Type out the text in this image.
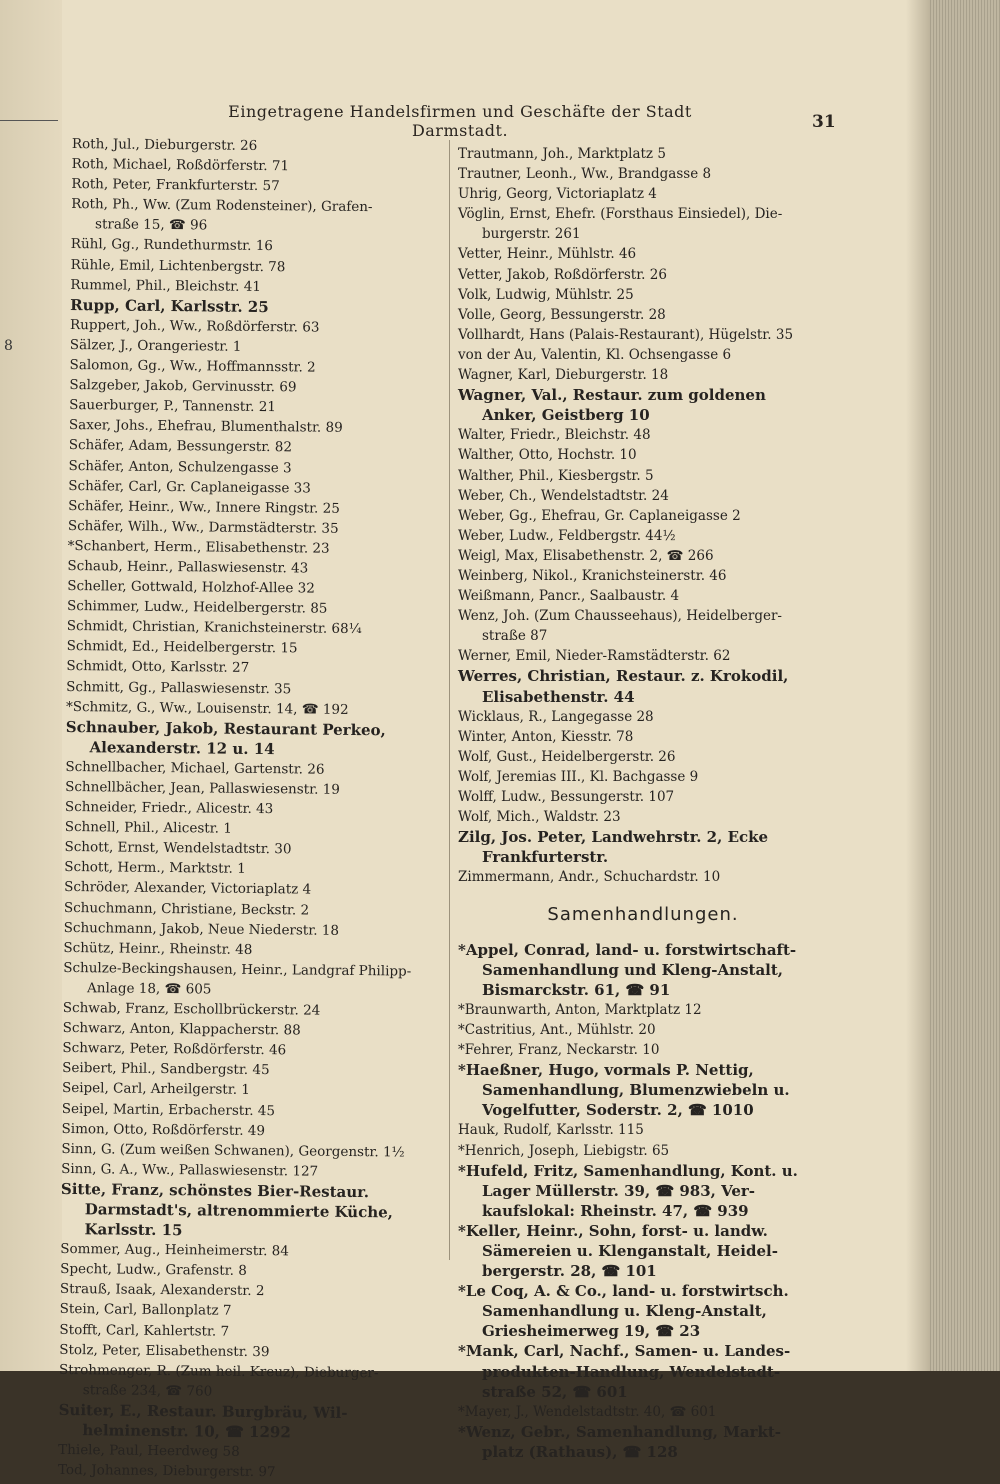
8
Eingetragene Handelsfirmen und Geschäfte der Stadt Darmstadt.	31
Roth, Jul., Dieburgerstr. 26
Roth, Michael, Roßdörferstr. 71
Roth, Peter, Frankfurterstr. 57
Roth, Ph., Ww. (Zum Rodensteiner), Grafen-
straße 15, ☎ 96
Rühl, Gg., Rundethurmstr. 16
Rühle, Emil, Lichtenbergstr. 78
Rummel, Phil., Bleichstr. 41
Rupp, Carl, Karlsstr. 25
Ruppert, Joh., Ww., Roßdörferstr. 63
Sälzer, J., Orangeriestr. 1
Salomon, Gg., Ww., Hoffmannsstr. 2
Salzgeber, Jakob, Gervinusstr. 69
Sauerburger, P., Tannenstr. 21
Saxer, Johs., Ehefrau, Blumenthalstr. 89
Schäfer, Adam, Bessungerstr. 82
Schäfer, Anton, Schulzengasse 3
Schäfer, Carl, Gr. Caplaneigasse 33
Schäfer, Heinr., Ww., Innere Ringstr. 25
Schäfer, Wilh., Ww., Darmstädterstr. 35
*Schanbert, Herm., Elisabethenstr. 23
Schaub, Heinr., Pallaswiesenstr. 43
Scheller, Gottwald, Holzhof-Allee 32
Schimmer, Ludw., Heidelbergerstr. 85
Schmidt, Christian, Kranichsteinerstr. 68¼
Schmidt, Ed., Heidelbergerstr. 15
Schmidt, Otto, Karlsstr. 27
Schmitt, Gg., Pallaswiesenstr. 35
*Schmitz, G., Ww., Louisenstr. 14, ☎ 192
Schnauber, Jakob, Restaurant Perkeo,
Alexanderstr. 12 u. 14
Schnellbacher, Michael, Gartenstr. 26
Schnellbächer, Jean, Pallaswiesenstr. 19
Schneider, Friedr., Alicestr. 43
Schnell, Phil., Alicestr. 1
Schott, Ernst, Wendelstadtstr. 30
Schott, Herm., Marktstr. 1
Schröder, Alexander, Victoriaplatz 4
Schuchmann, Christiane, Beckstr. 2
Schuchmann, Jakob, Neue Niederstr. 18
Schütz, Heinr., Rheinstr. 48
Schulze-Beckingshausen, Heinr., Landgraf Philipp-
Anlage 18, ☎ 605
Schwab, Franz, Eschollbrückerstr. 24
Schwarz, Anton, Klappacherstr. 88
Schwarz, Peter, Roßdörferstr. 46
Seibert, Phil., Sandbergstr. 45
Seipel, Carl, Arheilgerstr. 1
Seipel, Martin, Erbacherstr. 45
Simon, Otto, Roßdörferstr. 49
Sinn, G. (Zum weißen Schwanen), Georgenstr. 1½
Sinn, G. A., Ww., Pallaswiesenstr. 127
Sitte, Franz, schönstes Bier-Restaur.
Darmstadt's, altrenommierte Küche,
Karlsstr. 15
Sommer, Aug., Heinheimerstr. 84
Specht, Ludw., Grafenstr. 8
Strauß, Isaak, Alexanderstr. 2
Stein, Carl, Ballonplatz 7
Stofft, Carl, Kahlertstr. 7
Stolz, Peter, Elisabethenstr. 39
Strohmenger, R. (Zum heil. Kreuz), Dieburger-
straße 234, ☎ 760
Suiter, E., Restaur. Burgbräu, Wil-
helminenstr. 10, ☎ 1292
Thiele, Paul, Heerdweg 58
Tod, Johannes, Dieburgerstr. 97
Trautmann, Joh., Marktplatz 5
Trautner, Leonh., Ww., Brandgasse 8
Uhrig, Georg, Victoriaplatz 4
Vöglin, Ernst, Ehefr. (Forsthaus Einsiedel), Die-
burgerstr. 261
Vetter, Heinr., Mühlstr. 46
Vetter, Jakob, Roßdörferstr. 26
Volk, Ludwig, Mühlstr. 25
Volle, Georg, Bessungerstr. 28
Vollhardt, Hans (Palais-Restaurant), Hügelstr. 35
von der Au, Valentin, Kl. Ochsengasse 6
Wagner, Karl, Dieburgerstr. 18
Wagner, Val., Restaur. zum goldenen
Anker, Geistberg 10
Walter, Friedr., Bleichstr. 48
Walther, Otto, Hochstr. 10
Walther, Phil., Kiesbergstr. 5
Weber, Ch., Wendelstadtstr. 24
Weber, Gg., Ehefrau, Gr. Caplaneigasse 2
Weber, Ludw., Feldbergstr. 44½
Weigl, Max, Elisabethenstr. 2, ☎ 266
Weinberg, Nikol., Kranichsteinerstr. 46
Weißmann, Pancr., Saalbaustr. 4
Wenz, Joh. (Zum Chausseehaus), Heidelberger-
straße 87
Werner, Emil, Nieder-Ramstädterstr. 62
Werres, Christian, Restaur. z. Krokodil,
Elisabethenstr. 44
Wicklaus, R., Langegasse 28
Winter, Anton, Kiesstr. 78
Wolf, Gust., Heidelbergerstr. 26
Wolf, Jeremias III., Kl. Bachgasse 9
Wolff, Ludw., Bessungerstr. 107
Wolf, Mich., Waldstr. 23
Zilg, Jos. Peter, Landwehrstr. 2, Ecke
Frankfurterstr.
Zimmermann, Andr., Schuchardstr. 10
Samenhandlungen.
*Appel, Conrad, land- u. forstwirtschaft-
Samenhandlung und Kleng-Anstalt,
Bismarckstr. 61, ☎ 91
*Braunwarth, Anton, Marktplatz 12
*Castritius, Ant., Mühlstr. 20
*Fehrer, Franz, Neckarstr. 10
*Haeßner, Hugo, vormals P. Nettig,
Samenhandlung, Blumenzwiebeln u.
Vogelfutter, Soderstr. 2, ☎ 1010
Hauk, Rudolf, Karlsstr. 115
*Henrich, Joseph, Liebigstr. 65
*Hufeld, Fritz, Samenhandlung, Kont. u.
Lager Müllerstr. 39, ☎ 983, Ver-
kaufslokal: Rheinstr. 47, ☎ 939
*Keller, Heinr., Sohn, forst- u. landw.
Sämereien u. Klenganstalt, Heidel-
bergerstr. 28, ☎ 101
*Le Coq, A. & Co., land- u. forstwirtsch.
Samenhandlung u. Kleng-Anstalt,
Griesheimerweg 19, ☎ 23
*Mank, Carl, Nachf., Samen- u. Landes-
produkten-Handlung, Wendelstadt-
straße 52, ☎ 601
*Mayer, J., Wendelstadtstr. 40, ☎ 601
*Wenz, Gebr., Samenhandlung, Markt-
platz (Rathaus), ☎ 128
